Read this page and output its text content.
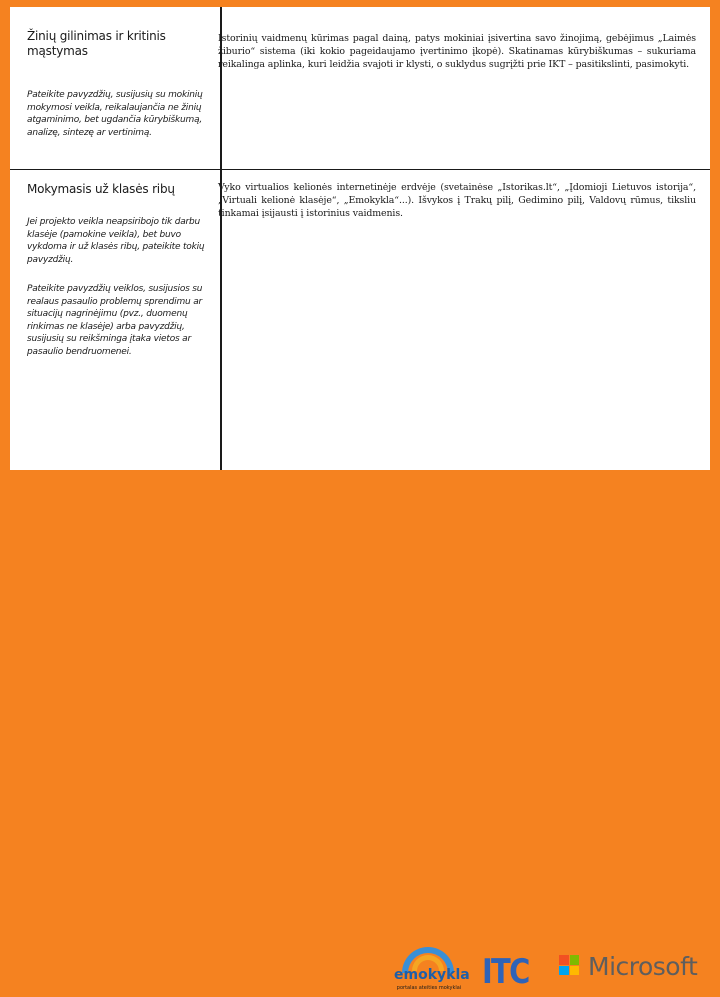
Žinių gilinimas ir kritinis mąstymas
Pateikite pavyzdžių, susijusių su mokinių mokymosi veikla, reikalaujančia ne žinių atgaminimo, bet ugdančia kūrybiškumą, analizę, sintezę ar vertinimą.
Istorinių vaidmenų kūrimas pagal dainą, patys mokiniai įsivertina savo žinojimą, gebėjimus „Laimės žiburio“ sistema (iki kokio pageidaujamo įvertinimo įkopė). Skatinamas kūrybiškumas – sukuriama reikalinga aplinka, kuri leidžia svajoti ir klysti, o suklydus sugrįžti prie IKT – pasitikslinti, pasimokyti.
Mokymasis už klasės ribų
Jei projekto veikla neapsiribojo tik darbu klasėje (pamokine veikla), bet buvo vykdoma ir už klasės ribų, pateikite tokių pavyzdžių.
Pateikite pavyzdžių veiklos, susijusios su realaus pasaulio problemų sprendimu ar situacijų nagrinėjimu (pvz., duomenų rinkimas ne klasėje) arba pavyzdžių, susijusių su reikšminga įtaka vietos ar pasaulio bendruomenei.
Vyko virtualios kelionės internetinėje erdvėje (svetainėse „Istorikas.lt“, „Įdomioji Lietuvos istorija“, „Virtuali kelionė klasėje“, „Emokykla“...). Išvykos į Trakų pilį, Gedimino pilį, Valdovų rūmus, tiksliu tinkamai įsijausti į istorinius vaidmenis.
emokykla
portalas ateities mokyklai ITC Microsoft
